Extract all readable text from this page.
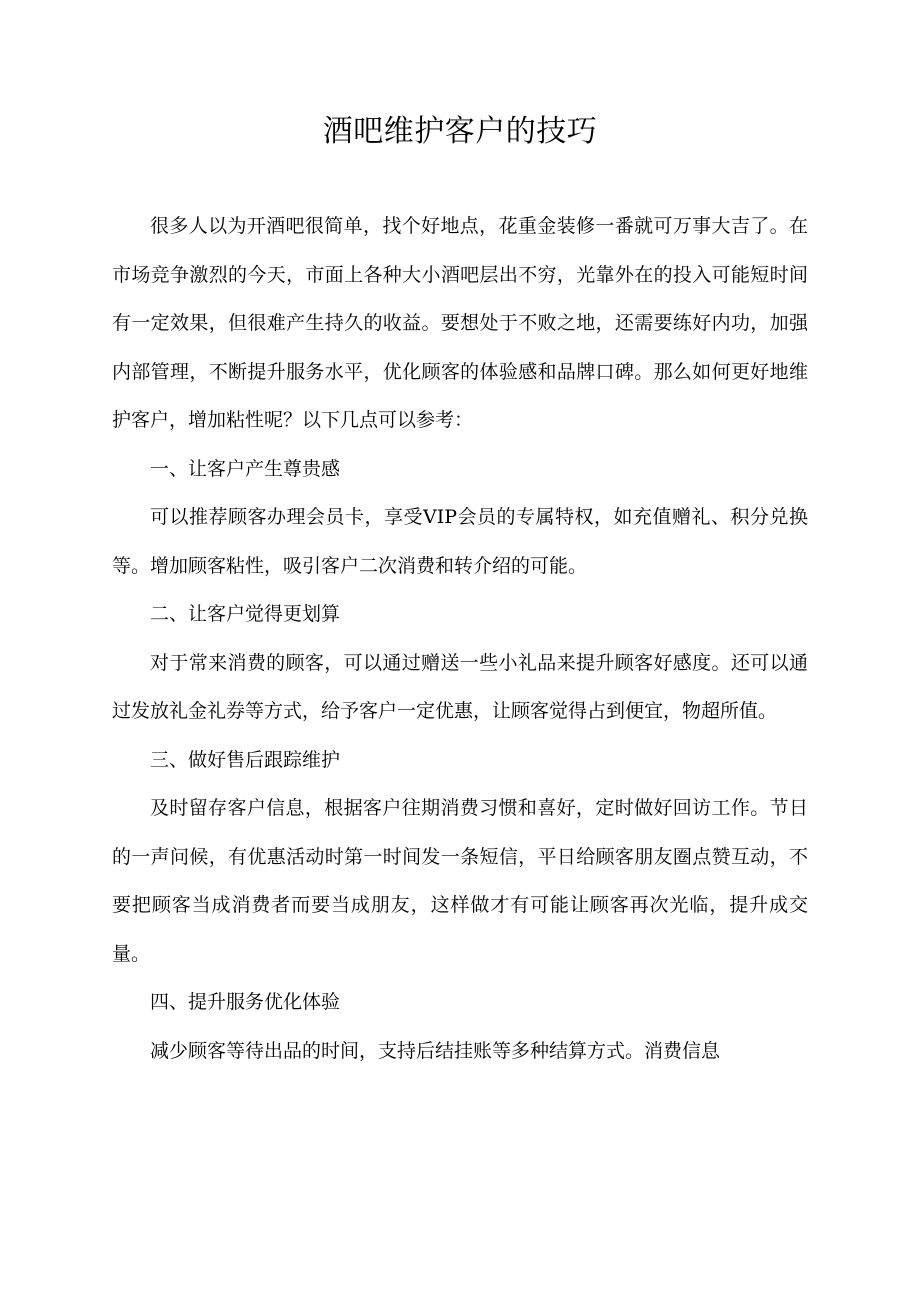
酒吧维护客户的技巧

很多人以为开酒吧很简单，找个好地点，花重金装修一番就可万事大吉了。在市场竞争激烈的今天，市面上各种大小酒吧层出不穷，光靠外在的投入可能短时间有一定效果，但很难产生持久的收益。要想处于不败之地，还需要练好内功，加强内部管理，不断提升服务水平，优化顾客的体验感和品牌口碑。那么如何更好地维护客户，增加粘性呢？以下几点可以参考：

一、让客户产生尊贵感

可以推荐顾客办理会员卡，享受VIP会员的专属特权，如充值赠礼、积分兑换等。增加顾客粘性，吸引客户二次消费和转介绍的可能。

二、让客户觉得更划算

对于常来消费的顾客，可以通过赠送一些小礼品来提升顾客好感度。还可以通过发放礼金礼券等方式，给予客户一定优惠，让顾客觉得占到便宜，物超所值。

三、做好售后跟踪维护

及时留存客户信息，根据客户往期消费习惯和喜好，定时做好回访工作。节日的一声问候，有优惠活动时第一时间发一条短信，平日给顾客朋友圈点赞互动，不要把顾客当成消费者而要当成朋友，这样做才有可能让顾客再次光临，提升成交量。

四、提升服务优化体验

减少顾客等待出品的时间，支持后结挂账等多种结算方式。消费信息
